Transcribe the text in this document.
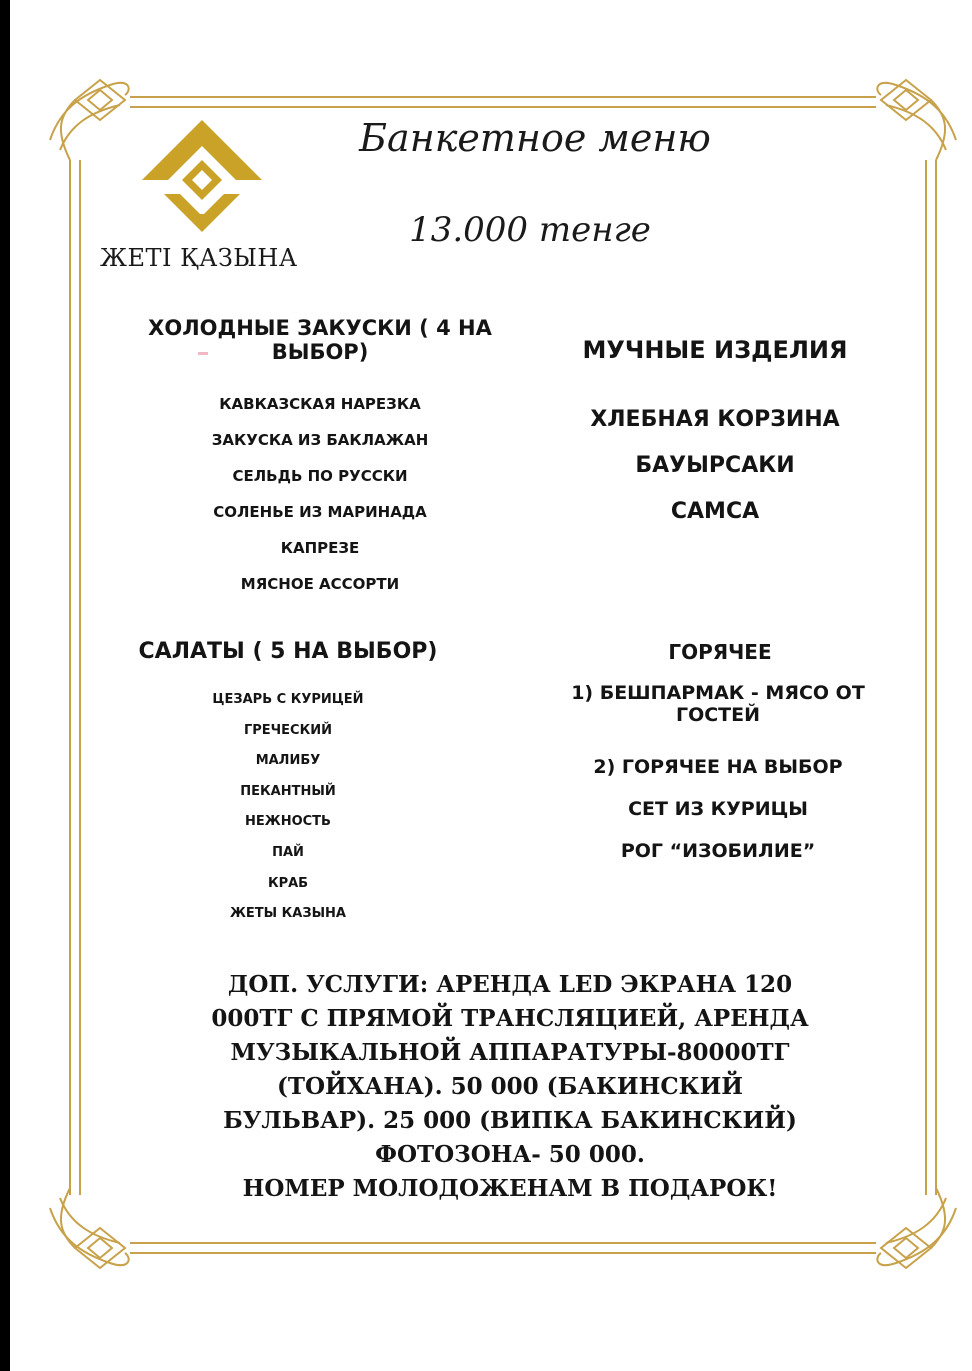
ЖЕТІ ҚАЗЫНА
Банкетное меню
13.000 тенге
ХОЛОДНЫЕ ЗАКУСКИ ( 4 НА ВЫБОР)
КАВКАЗСКАЯ НАРЕЗКА
ЗАКУСКА ИЗ БАКЛАЖАН
СЕЛЬДЬ ПО РУССКИ
СОЛЕНЬЕ ИЗ МАРИНАДА
КАПРЕЗЕ
МЯСНОЕ АССОРТИ
МУЧНЫЕ ИЗДЕЛИЯ
ХЛЕБНАЯ КОРЗИНА
БАУЫРСАКИ
САМСА
САЛАТЫ ( 5 НА ВЫБОР)
ЦЕЗАРЬ С КУРИЦЕЙ
ГРЕЧЕСКИЙ
МАЛИБУ
ПЕКАНТНЫЙ
НЕЖНОСТЬ
ПАЙ
КРАБ
ЖЕТЫ КАЗЫНА
ГОРЯЧЕЕ
1) БЕШПАРМАК - МЯСО ОТ ГОСТЕЙ
2) ГОРЯЧЕЕ НА ВЫБОР
СЕТ ИЗ КУРИЦЫ
РОГ “ИЗОБИЛИЕ”
ДОП. УСЛУГИ: АРЕНДА LED ЭКРАНА 120
000ТГ С ПРЯМОЙ ТРАНСЛЯЦИЕЙ, АРЕНДА
МУЗЫКАЛЬНОЙ АППАРАТУРЫ-80000ТГ
(ТОЙХАНА). 50 000 (БАКИНСКИЙ
БУЛЬВАР). 25 000 (ВИПКА БАКИНСКИЙ)
ФОТОЗОНА- 50 000.
НОМЕР МОЛОДОЖЕНАМ В ПОДАРОК!
